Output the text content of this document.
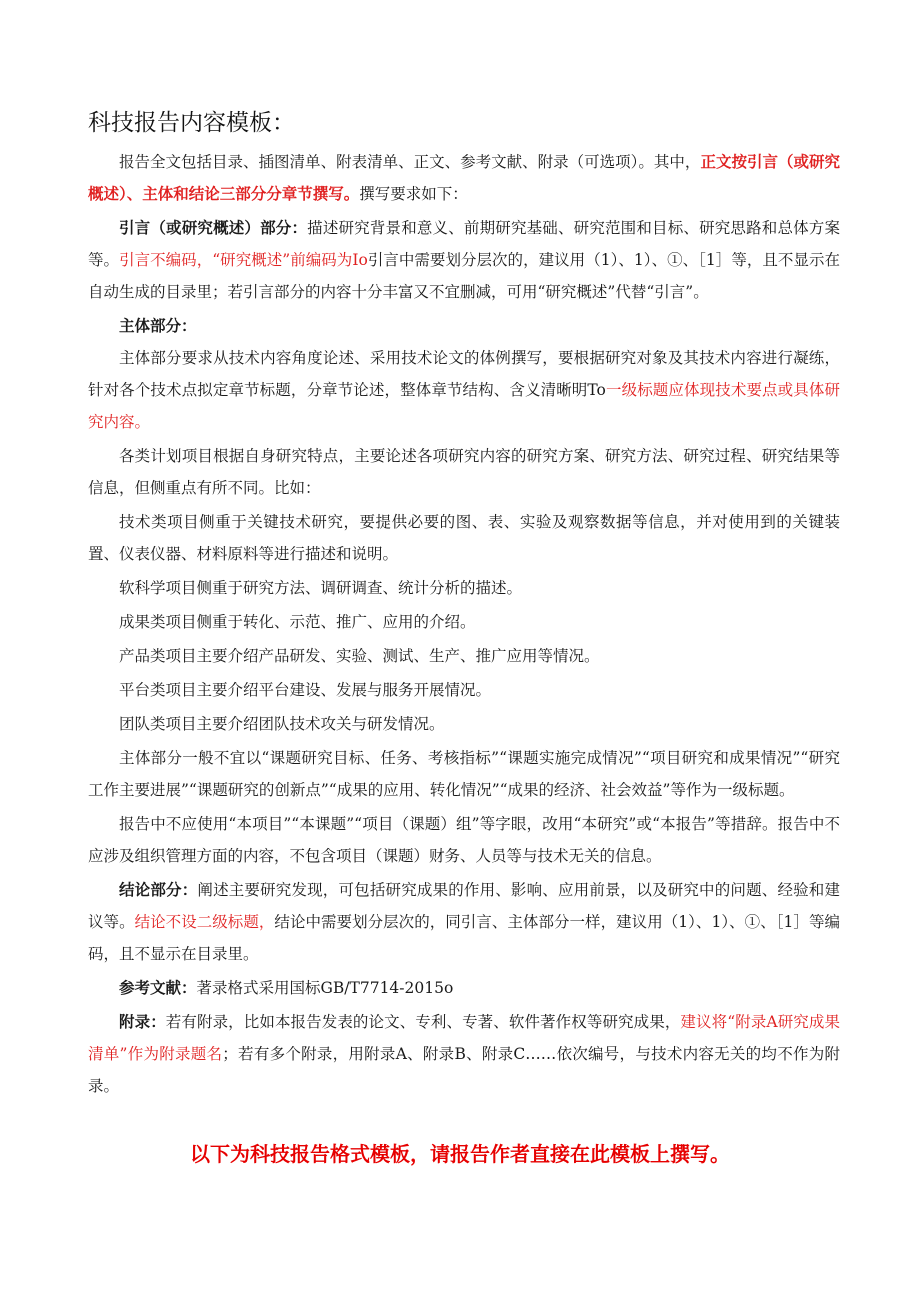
科技报告内容模板：

报告全文包括目录、插图清单、附表清单、正文、参考文献、附录（可选项）。其中，正文按引言（或研究概述）、主体和结论三部分分章节撰写。撰写要求如下：

引言（或研究概述）部分：描述研究背景和意义、前期研究基础、研究范围和目标、研究思路和总体方案等。引言不编码，“研究概述”前编码为Io引言中需要划分层次的，建议用（1）、1）、①、［1］等，且不显示在自动生成的目录里；若引言部分的内容十分丰富又不宜删减，可用“研究概述”代替“引言”。

主体部分：

主体部分要求从技术内容角度论述、采用技术论文的体例撰写，要根据研究对象及其技术内容进行凝练，针对各个技术点拟定章节标题，分章节论述，整体章节结构、含义清晰明To一级标题应体现技术要点或具体研究内容。

各类计划项目根据自身研究特点，主要论述各项研究内容的研究方案、研究方法、研究过程、研究结果等信息，但侧重点有所不同。比如：

技术类项目侧重于关键技术研究，要提供必要的图、表、实验及观察数据等信息，并对使用到的关键装置、仪表仪器、材料原料等进行描述和说明。

软科学项目侧重于研究方法、调研调查、统计分析的描述。

成果类项目侧重于转化、示范、推广、应用的介绍。

产品类项目主要介绍产品研发、实验、测试、生产、推广应用等情况。

平台类项目主要介绍平台建设、发展与服务开展情况。

团队类项目主要介绍团队技术攻关与研发情况。

主体部分一般不宜以“课题研究目标、任务、考核指标”“课题实施完成情况”“项目研究和成果情况”“研究工作主要进展”“课题研究的创新点”“成果的应用、转化情况”“成果的经济、社会效益”等作为一级标题。

报告中不应使用“本项目”“本课题”“项目（课题）组”等字眼，改用“本研究”或“本报告”等措辞。报告中不应涉及组织管理方面的内容，不包含项目（课题）财务、人员等与技术无关的信息。

结论部分：阐述主要研究发现，可包括研究成果的作用、影响、应用前景，以及研究中的问题、经验和建议等。结论不设二级标题，结论中需要划分层次的，同引言、主体部分一样，建议用（1）、1）、①、［1］等编码，且不显示在目录里。

参考文献：著录格式采用国标GB/T7714-2015o

附录：若有附录，比如本报告发表的论文、专利、专著、软件著作权等研究成果，建议将“附录A研究成果清单”作为附录题名；若有多个附录，用附录A、附录B、附录C……依次编号，与技术内容无关的均不作为附录。

以下为科技报告格式模板，请报告作者直接在此模板上撰写。
